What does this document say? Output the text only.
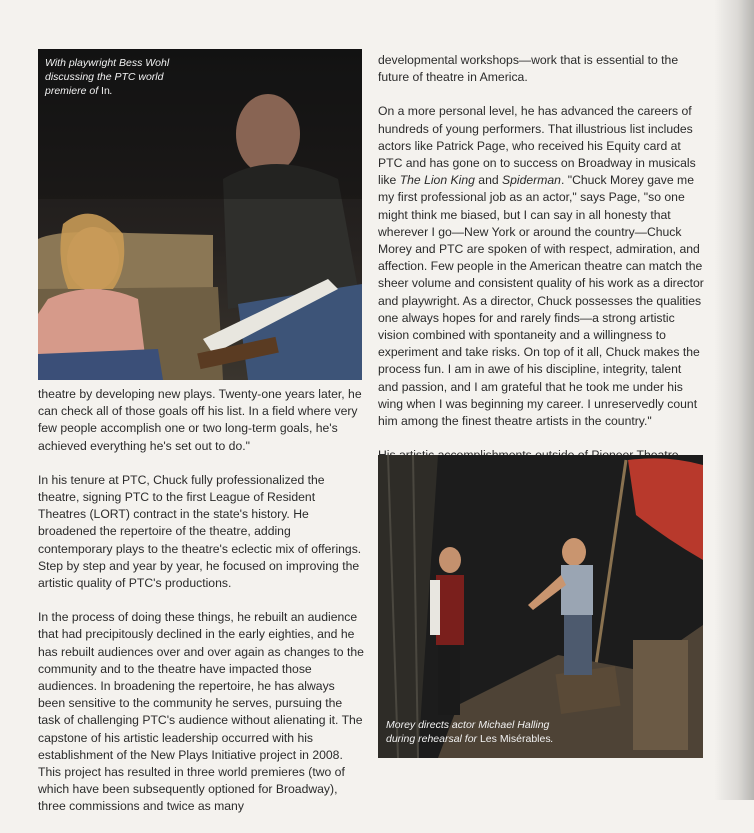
With playwright Bess Wohl
discussing the PTC world
premiere of In.

developmental workshops—work that is essential to the future of theatre in America.

On a more personal level, he has advanced the careers of hundreds of young performers. That illustrious list includes actors like Patrick Page, who received his Equity card at PTC and has gone on to success on Broadway in musicals like The Lion King and Spiderman. "Chuck Morey gave me my first professional job as an actor," says Page, "so one might think me biased, but I can say in all honesty that wherever I go—New York or around the country—Chuck Morey and PTC are spoken of with respect, admiration, and affection. Few people in the American theatre can match the sheer volume and consistent quality of his work as a director and playwright. As a director, Chuck possesses the qualities one always hopes for and rarely finds—a strong artistic vision combined with spontaneity and a willingness to experiment and take risks. On top of it all, Chuck makes the process fun. I am in awe of his discipline, integrity, talent and passion, and I am grateful that he took me under his wing when I was beginning my career. I unreservedly count him among the finest theatre artists in the country."

theatre by developing new plays. Twenty-one years later, he can check all of those goals off his list. In a field where very few people accomplish one or two long-term goals, he's achieved everything he's set out to do."

In his tenure at PTC, Chuck fully professionalized the theatre, signing PTC to the first League of Resident Theatres (LORT) contract in the state's history. He broadened the repertoire of the theatre, adding contemporary plays to the theatre's eclectic mix of offerings. Step by step and year by year, he focused on improving the artistic quality of PTC's productions.

In the process of doing these things, he rebuilt an audience that had precipitously declined in the early eighties, and he has rebuilt audiences over and over again as changes to the community and to the theatre have impacted those audiences. In broadening the repertoire, he has always been sensitive to the community he serves, pursuing the task of challenging PTC's audience without alienating it. The capstone of his artistic leadership occurred with his establishment of the New Plays Initiative project in 2008. This project has resulted in three world premieres (two of which have been subsequently optioned for Broadway), three commissions and twice as many

Morey directs actor Michael Halling
during rehearsal for Les Misérables.
